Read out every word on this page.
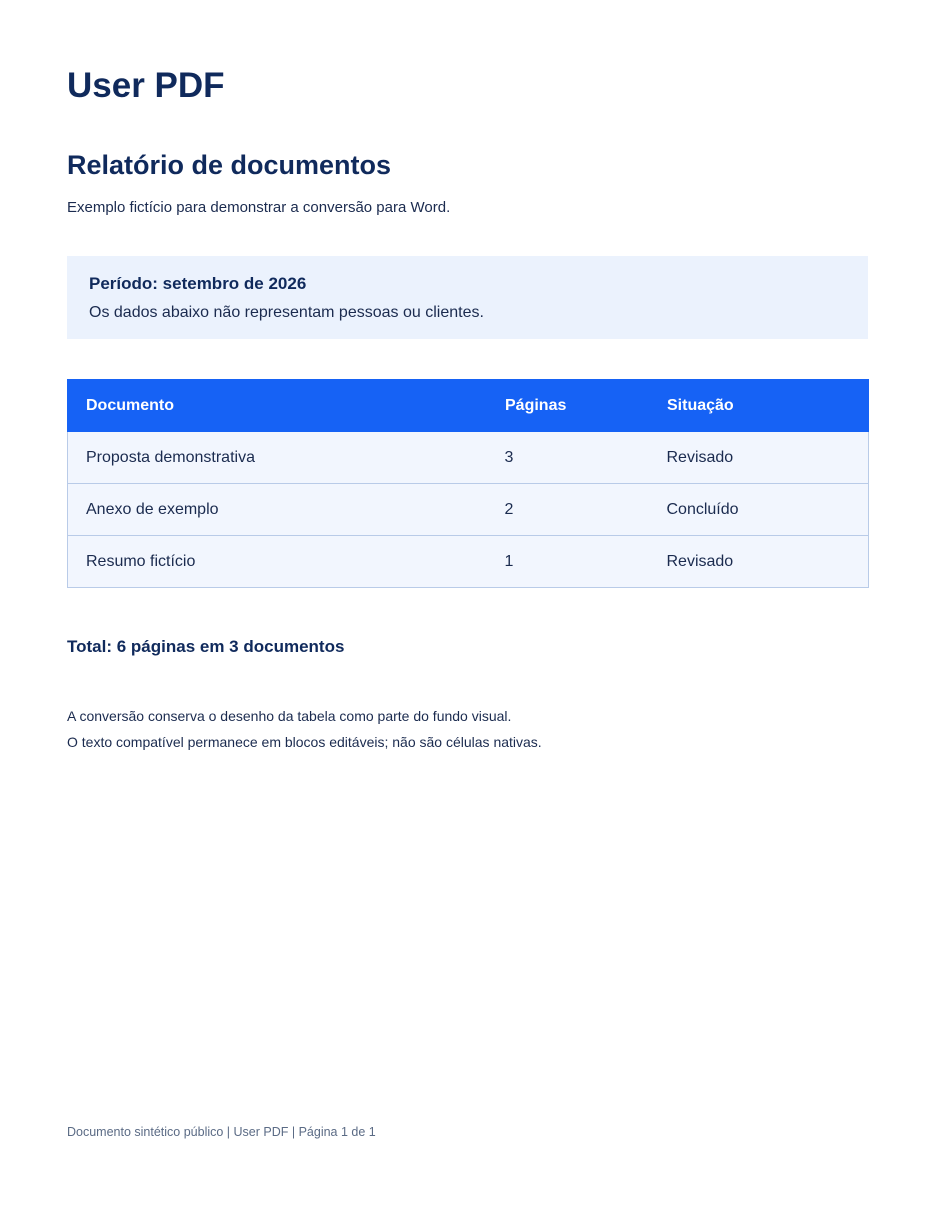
User PDF
Relatório de documentos

Exemplo fictício para demonstrar a conversão para Word.

Período: setembro de 2026

Os dados abaixo não representam pessoas ou clientes.

Documento	Páginas	Situação
Proposta demonstrativa	3	Revisado
Anexo de exemplo	2	Concluído
Resumo fictício	1	Revisado

Total: 6 páginas em 3 documentos

A conversão conserva o desenho da tabela como parte do fundo visual.

O texto compatível permanece em blocos editáveis; não são células nativas.

Documento sintético público | User PDF | Página 1 de 1
